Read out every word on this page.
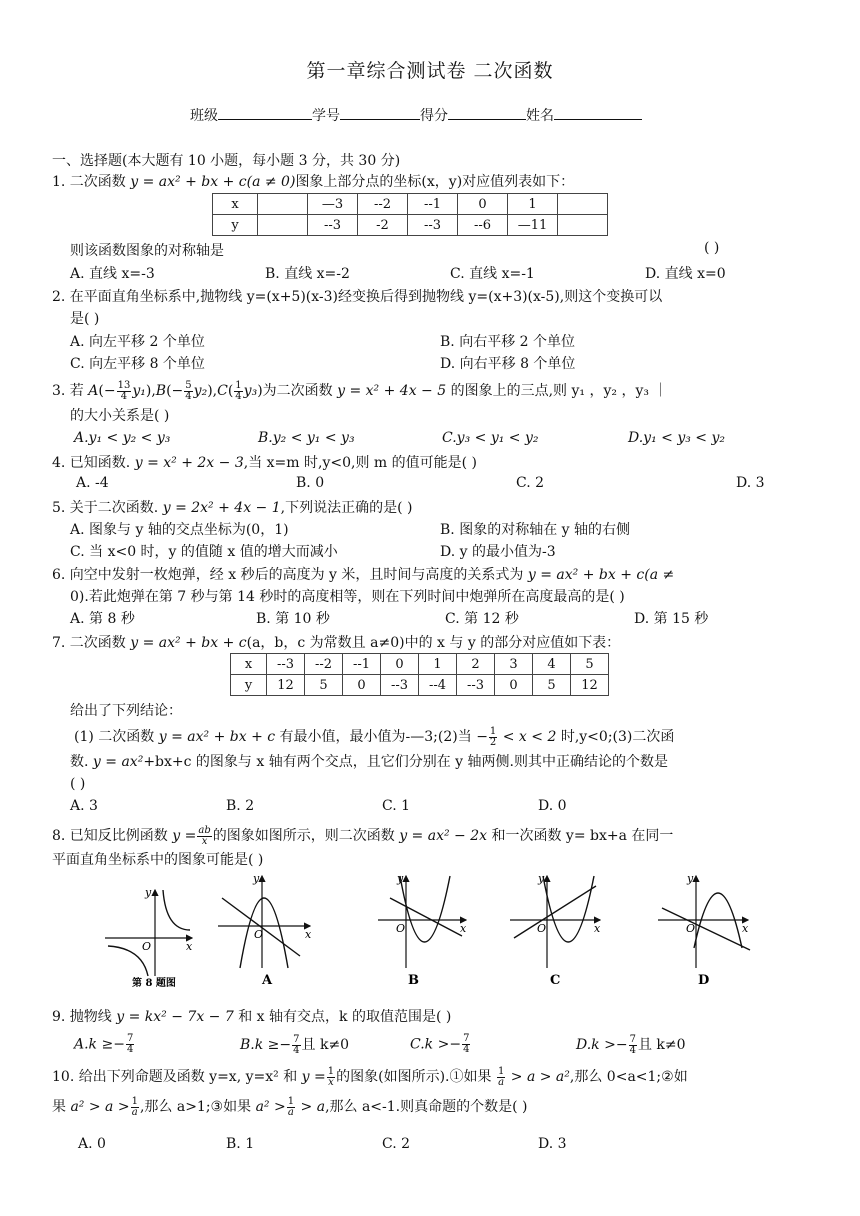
第一章综合测试卷 二次函数
班级	学号	得分	姓名
一、选择题(本大题有 10 小题，每小题 3 分，共 30 分)
1. 二次函数 y = ax² + bx + c(a ≠ 0)图象上部分点的坐标(x，y)对应值列表如下：
x		—3	--2	--1	0	1	
y		--3	-2	--3	--6	—11	
则该函数图象的对称轴是	( )
A. 直线 x=-3	B. 直线 x=-2	C. 直线 x=-1	D. 直线 x=0
2. 在平面直角坐标系中,抛物线 y=(x+5)(x-3)经变换后得到抛物线 y=(x+3)(x-5),则这个变换可以
是( )
A. 向左平移 2 个单位	B. 向右平移 2 个单位
C. 向左平移 8 个单位	D. 向右平移 8 个单位
3. 若 $A(- \frac{13}{4} y_1),B(- \frac{5}{4} y_2),C( \frac{1}{4} y_3)$为二次函数 y = x² + 4x − 5 的图象上的三点,则 y₁ ，y₂ ，y₃ ｜
的大小关系是( )
A.y₁ < y₂ < y₃	B.y₂ < y₁ < y₃	C.y₃ < y₁ < y₂	D.y₁ < y₃ < y₂
4. 已知函数. y = x² + 2x − 3,当 x=m 时,y<0,则 m 的值可能是( )
A. -4	B. 0	C. 2	D. 3
5. 关于二次函数. y = 2x² + 4x − 1,下列说法正确的是( )
A. 图象与 y 轴的交点坐标为(0，1)	B. 图象的对称轴在 y 轴的右侧
C. 当 x<0 时，y 的值随 x 值的增大而减小	D. y 的最小值为-3
6. 向空中发射一枚炮弹，经 x 秒后的高度为 y 米，且时间与高度的关系式为 y = ax² + bx + c(a ≠
0).若此炮弹在第 7 秒与第 14 秒时的高度相等，则在下列时间中炮弹所在高度最高的是( )
A. 第 8 秒	B. 第 10 秒	C. 第 12 秒	D. 第 15 秒
7. 二次函数 y = ax² + bx + c(a，b，c 为常数且 a≠0)中的 x 与 y 的部分对应值如下表：
x	--3	--2	--1	0	1	2	3	4	5
y	12	5	0	--3	--4	--3	0	5	12
给出了下列结论：
(1) 二次函数 y = ax² + bx + c 有最小值，最小值为-—3;(2)当 − $\frac{1}{2} < x < 2$ 时,y<0;(3)二次函
数. y = ax²+bx+c 的图象与 x 轴有两个交点，且它们分别在 y 轴两侧.则其中正确结论的个数是
( )
A. 3	B. 2	C. 1	D. 0
8. 已知反比例函数 $y = \frac{ab}{x}$ 的图象如图所示，则二次函数 y = ax² − 2x 和一次函数 y= bx+a 在同一
平面直角坐标系中的图象可能是( )
y
x
O
第 8 题图
y
x
O
A
y
x
O
B
y
x
O
C
y
x
O
D
9. 抛物线 y = kx² − 7x − 7 和 x 轴有交点，k 的取值范围是( )
$A.k \ge- \frac{7}{4}$	$B.k \ge- \frac{7}{4}$ 且 k≠0	$C.k >- \frac{7}{4}$	$D.k >- \frac{7}{4}$ 且 k≠0
10. 给出下列命题及函数 y=x, y=x² 和 $y = \frac{1}{x}$ 的图象(如图所示).①如果 $\frac{1}{a} > a > a^2$,那么 0<a<1;②如
果 $a^2 > a > \frac{1}{a}$ ,那么 a>1;③如果 $a^2 > \frac{1}{a} > a$,那么 a<-1.则真命题的个数是( )
A. 0	B. 1	C. 2	D. 3
